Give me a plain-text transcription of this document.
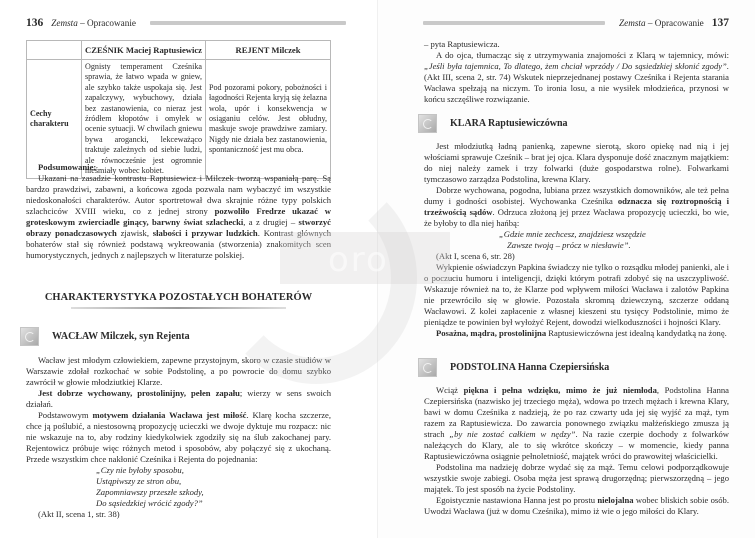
136 Zemsta – Opracowanie
	CZEŚNIK Maciej Raptusiewicz	REJENT Milczek
Cechy charakteru	Ognisty temperament Cześnika sprawia, że łatwo wpada w gniew, ale szybko także uspokaja się. Jest zapalczywy, wybuchowy, działa bez zastanowienia, co nieraz jest źródłem kłopotów i omyłek w ocenie sytuacji. W chwilach gniewu bywa arogancki, lekceważąco traktuje zależnych od siebie ludzi, ale równocześnie jest ogromnie nieśmiały wobec kobiet.	Pod pozorami pokory, pobożności i łagodności Rejenta kryją się żelazna wola, upór i konsekwencja w osiąganiu celów. Jest obłudny, maskuje swoje prawdziwe zamiary. Nigdy nie działa bez zastanowienia, spontaniczność jest mu obca.

Podsumowanie:

Ukazani na zasadzie kontrastu Raptusiewicz i Milczek tworzą wspaniałą parę. Są bardzo prawdziwi, zabawni, a końcowa zgoda pozwala nam wybaczyć im wszystkie niedoskonałości charakterów. Autor sportretował dwa skrajnie różne typy polskich szlachciców XVIII wieku, co z jednej strony pozwoliło Fredrze ukazać w groteskowym zwierciadle ginący, barwny świat szlachecki, a z drugiej – stworzyć obrazy ponadczasowych zjawisk, słabości i przywar ludzkich. Kontrast głównych bohaterów stał się również podstawą wykreowania (stworzenia) znakomitych scen humorystycznych, jednych z najlepszych w literaturze polskiej.

CHARAKTERYSTYKA POZOSTAŁYCH BOHATERÓW
WACŁAW Milczek, syn Rejenta

Wacław jest młodym człowiekiem, zapewne przystojnym, skoro w czasie studiów w Warszawie zdołał rozkochać w sobie Podstolinę, a po powrocie do domu szybko zawrócił w głowie młodziutkiej Klarze.

Jest dobrze wychowany, prostolinijny, pełen zapału; wierzy w sens swoich działań.

Podstawowym motywem działania Wacława jest miłość. Klarę kocha szczerze, chce ją poślubić, a niestosowną propozycję ucieczki we dwoje dyktuje mu rozpacz: nic nie wskazuje na to, aby rodziny kiedykolwiek zgodziły się na ślub zakochanej pary. Rejentowicz próbuje więc różnych metod i sposobów, aby połączyć się z ukochaną. Przede wszystkim chce nakłonić Cześnika i Rejenta do pojednania:

„Czy nie byłoby sposobu,
Ustąpiwszy ze stron obu,
Zapomniawszy przeszłe szkody,
Do sąsiedzkiej wrócić zgody?”
(Akt II, scena 1, str. 38)
Zemsta – Opracowanie 137

– pyta Raptusiewicza.

A do ojca, tłumacząc się z utrzymywania znajomości z Klarą w tajemnicy, mówi: „Jeśli była tajemnica, To dlatego, żem chciał wprzódy / Do sąsiedzkiej skłonić zgody”. (Akt III, scena 2, str. 74) Wskutek nieprzejednanej postawy Cześnika i Rejenta starania Wacława spełzają na niczym. To ironia losu, a nie wysiłek młodzieńca, przynosi w końcu szczęśliwe rozwiązanie.

KLARA Raptusiewiczówna

Jest młodziutką ładną panienką, zapewne sierotą, skoro opiekę nad nią i jej włościami sprawuje Cześnik – brat jej ojca. Klara dysponuje dość znacznym majątkiem: do niej należy zamek i trzy folwarki (duże gospodarstwa rolne). Folwarkami tymczasowo zarządza Podstolina, krewna Klary.

Dobrze wychowana, pogodna, lubiana przez wszystkich domowników, ale też pełna dumy i godności osobistej. Wychowanka Cześnika odznacza się roztropnością i trzeźwością sądów. Odrzuca złożoną jej przez Wacława propozycję ucieczki, bo wie, że byłoby to dla niej hańbą:

„Gdzie mnie zechcesz, znajdziesz wszędzie
Zawsze twoją – prócz w niesławie”.
(Akt I, scena 6, str. 28)

Wykpienie oświadczyn Papkina świadczy nie tylko o rozsądku młodej panienki, ale i o poczuciu humoru i inteligencji, dzięki którym potrafi zdobyć się na uszczypliwość. Wskazuje również na to, że Klarze pod wpływem miłości Wacława i zalotów Papkina nie przewróciło się w głowie. Pozostała skromną dziewczyną, szczerze oddaną Wacławowi. Z kolei zapłacenie z własnej kieszeni stu tysięcy Podstolinie, mimo że pieniądze te powinien był wyłożyć Rejent, dowodzi wielkoduszności i hojności Klary.

Posażna, mądra, prostolinijna Raptusiewiczówna jest idealną kandydatką na żonę.

PODSTOLINA Hanna Czepiersińska

Wciąż piękna i pełna wdzięku, mimo że już niemłoda, Podstolina Hanna Czepiersińska (nazwisko jej trzeciego męża), wdowa po trzech mężach i krewna Klary, bawi w domu Cześnika z nadzieją, że po raz czwarty uda jej się wyjść za mąż, tym razem za Raptusiewicza. Do zawarcia ponownego związku małżeńskiego zmusza ją strach „by nie zostać całkiem w nędzy”. Na razie czerpie dochody z folwarków należących do Klary, ale to się wkrótce skończy – w momencie, kiedy panna Raptusiewiczówna osiągnie pełnoletniość, majątek wróci do prawowitej właścicielki.

Podstolina ma nadzieję dobrze wydać się za mąż. Temu celowi podporządkowuje wszystkie swoje zabiegi. Osoba męża jest sprawą drugorzędną; pierwszorzędną – jego majątek. To jest sposób na życie Podstoliny.

Egoistycznie nastawiona Hanna jest po prostu nielojalna wobec bliskich sobie osób. Uwodzi Wacława (już w domu Cześnika), mimo iż wie o jego miłości do Klary.

oro
